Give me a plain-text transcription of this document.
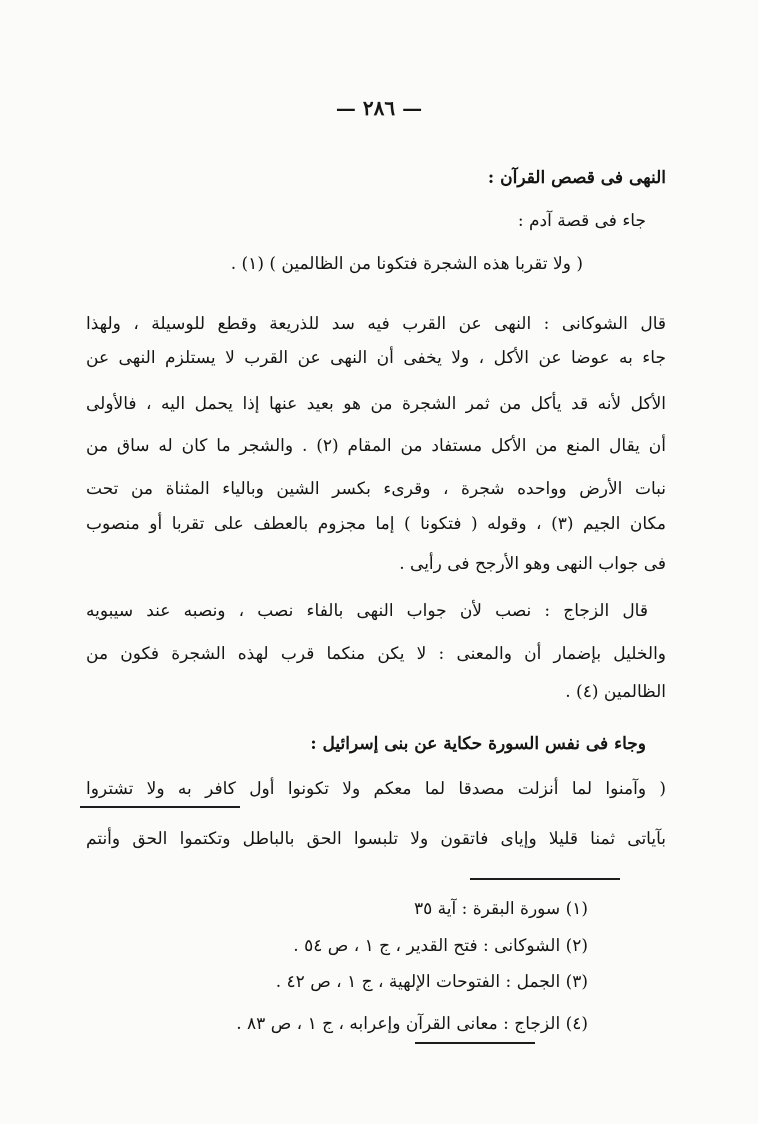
— ٢٨٦ —
النهى فى قصص القرآن :
جاء فى قصة آدم :
( ولا تقربا هذه الشجرة فتكونا من الظالمين ) (١) .
قال الشوكانى : النهى عن القرب فيه سد للذريعة وقطع للوسيلة ، ولهذا
جاء به عوضا عن الأكل ، ولا يخفى أن النهى عن القرب لا يستلزم النهى عن
الأكل لأنه قد يأكل من ثمر الشجرة من هو بعيد عنها إذا يحمل اليه ، فالأولى
أن يقال المنع من الأكل مستفاد من المقام (٢) . والشجر ما كان له ساق من
نبات الأرض وواحده شجرة ، وقرىء بكسر الشين وبالياء المثناة من تحت
مكان الجيم (٣) ، وقوله ( فتكونا ) إما مجزوم بالعطف على تقربا أو منصوب
فى جواب النهى وهو الأرجح فى رأيى .
قال الزجاج : نصب لأن جواب النهى بالفاء نصب ، ونصبه عند سيبويه
والخليل بإضمار أن والمعنى : لا يكن منكما قرب لهذه الشجرة فكون من
الظالمين (٤) .
وجاء فى نفس السورة حكاية عن بنى إسرائيل :
( وآمنوا لما أنزلت مصدقا لما معكم ولا تكونوا أول كافر به ولا تشتروا
بآياتى ثمنا قليلا وإياى فاتقون ولا تلبسوا الحق بالباطل وتكتموا الحق وأنتم
(١) سورة البقرة : آية ٣٥
(٢) الشوكانى : فتح القدير ، ج ١ ، ص ٥٤ .
(٣) الجمل : الفتوحات الإلهية ، ج ١ ، ص ٤٢ .
(٤) الزجاج : معانى القرآن وإعرابه ، ج ١ ، ص ٨٣ .
